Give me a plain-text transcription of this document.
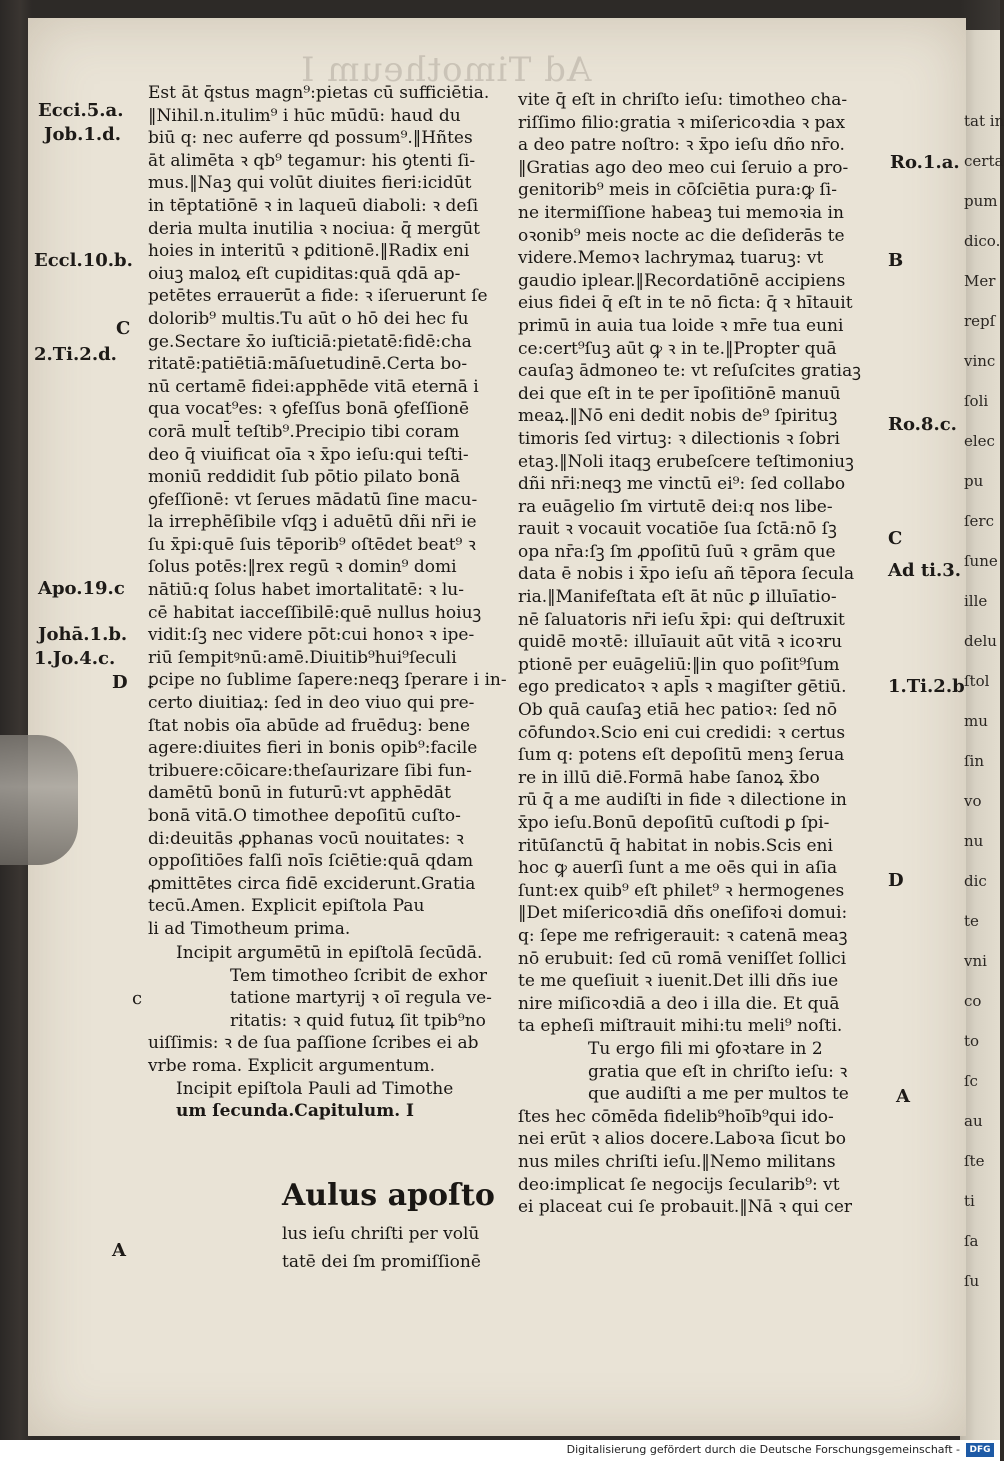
Ad Timotheum I
Est āt q̄stus magn⁹:pietas cū sufficiētia.
‖Nihil.n.itulim⁹ i hūc mūdū: haud du
biū q: nec auferre qd possum⁹.‖Hñtes
āt alimēta ꝛ qb⁹ tegamur: his ꝯtenti ſi-
mus.‖Naꝫ qui volūt diuites fieri:icidūt
in tēptatiōnē ꝛ in laqueū diaboli: ꝛ deſi
deria multa inutilia ꝛ nociua: q̄ mergūt
hoies in interitū ꝛ ꝑditionē.‖Radix eni
oiuꝫ maloꝝ eſt cupiditas:quā qdā ap-
petētes errauerūt a fide: ꝛ iſeruerunt ſe
dolorib⁹ multis.Tu aūt o hō dei hec fu
ge.Sectare x̄o iuſticiā:pietatē:fidē:cha
ritatē:patiētiā:māſuetudinē.Certa bo-
nū certamē fidei:apphēde vitā eternā i
qua vocat⁹es: ꝛ ꝯfeſſus bonā ꝯfeſſionē
corā mult̄ teſtib⁹.Precipio tibi coram
deo q̄ viuificat oīa ꝛ x̄po ieſu:qui teſti-
moniū reddidit ſub pōtio pilato bonā
ꝯfeſſionē: vt ſerues mādatū ſine macu-
la irrephēſibile vſqꝫ i aduētū dñi nr̄i ie
ſu x̄pi:quē ſuis tēporib⁹ oſtēdet beat⁹ ꝛ
ſolus potēs:‖rex regū ꝛ domin⁹ domi
nātiū:q ſolus habet imortalitatē: ꝛ lu-
cē habitat iacceſſibilē:quē nullus hoiuꝫ
vidit:ſꝫ nec videre pōt:cui honoꝛ ꝛ ipe-
riū ſempitꝰnū:amē.Diuitib⁹hui⁹ſeculi
ꝑcipe no ſublime ſapere:neqꝫ ſperare i in-
certo diuitiaꝝ: ſed in deo viuo qui pre-
ſtat nobis oīa abūde ad fruēduꝫ: bene
agere:diuites fieri in bonis opib⁹:facile
tribuere:cōicare:theſaurizare ſibi fun-
damētū bonū in futurū:vt apphēdāt
bonā vitā.O timothee depoſitū cuſto-
di:deuitās ꝓphanas vocū nouitates: ꝛ
oppoſitiōes falſi noīs ſciētie:quā qdam
ꝓmittētes circa fidē exciderunt.Gratia
tecū.Amen. Explicit epiſtola Pau
li ad Timotheum prima.
Incipit argumētū in epiſtolā ſecūdā.
Tem timotheo ſcribit de exhor
tatione martyrij ꝛ oī regula ve-
ritatis: ꝛ quid futuꝝ ſit tpib⁹no
uiſſimis: ꝛ de ſua paſſione ſcribes ei ab
vrbe roma. Explicit argumentum.
Incipit epiſtola Pauli ad Timothe
um ſecunda.Capitulum. I
Aulus apoſto
lus ieſu chriſti per volū
tatē dei ſm promiſſionē
vite q̄ eſt in chriſto ieſu: timotheo cha-
riſſimo filio:gratia ꝛ miſericoꝛdia ꝛ pax
a deo patre noſtro: ꝛ x̄po ieſu dño nr̄o.
‖Gratias ago deo meo cui ſeruio a pro-
genitorib⁹ meis in cōſciētia pura:ꝙ ſi-
ne itermiſſione habeaꝫ tui memoꝛia in
oꝛonib⁹ meis nocte ac die deſiderās te
videre.Memoꝛ lachrymaꝝ tuaruꝫ: vt
gaudio iplear.‖Recordatiōnē accipiens
eius fidei q̄ eſt in te nō ficta: q̄ ꝛ hītauit
primū in auia tua loide ꝛ mr̄e tua euni
ce:cert⁹ſuꝫ aūt ꝙ ꝛ in te.‖Propter quā
cauſaꝫ ādmoneo te: vt reſuſcites gratiaꝫ
dei que eſt in te per īpoſitiōnē manuū
meaꝝ.‖Nō eni dedit nobis de⁹ ſpirituꝫ
timoris ſed virtuꝫ: ꝛ dilectionis ꝛ ſobri
etaꝫ.‖Noli itaqꝫ erubeſcere teſtimoniuꝫ
dñi nr̄i:neqꝫ me vinctū ei⁹: ſed collabo
ra euāgelio ſm virtutē dei:q nos libe-
rauit ꝛ vocauit vocatiōe ſua ſctā:nō ſꝫ
opa nr̄a:ſꝫ ſm ꝓpoſitū ſuū ꝛ grām que
data ē nobis i x̄po ieſu añ tēpora ſecula
ria.‖Manifeſtata eſt āt nūc ꝑ illuīatio-
nē ſaluatoris nr̄i ieſu x̄pi: qui deſtruxit
quidē moꝛtē: illuīauit aūt vitā ꝛ icoꝛru
ptionē per euāgeliū:‖in quo poſit⁹ſum
ego predicatoꝛ ꝛ apl̄s ꝛ magiſter gētiū.
Ob quā cauſaꝫ etiā hec patioꝛ: ſed nō
cōfundoꝛ.Scio eni cui credidi: ꝛ certus
ſum q: potens eſt depoſitū menꝫ ſerua
re in illū diē.Formā habe ſanoꝝ x̄bo
rū q̄ a me audiſti in fide ꝛ dilectione in
x̄po ieſu.Bonū depoſitū cuſtodi ꝑ ſpi-
ritūſanctū q̄ habitat in nobis.Scis eni
hoc ꝙ auerſi ſunt a me oēs qui in aſia
ſunt:ex quib⁹ eſt philet⁹ ꝛ hermogenes
‖Det miſericoꝛdiā dñs oneſifoꝛi domui:
q: ſepe me refrigerauit: ꝛ catenā meaꝫ
nō erubuit: ſed cū romā veniſſet ſollici
te me queſiuit ꝛ iuenit.Det illi dñs iue
nire miſicoꝛdiā a deo i illa die. Et quā
ta epheſi miſtrauit mihi:tu meli⁹ noſti.
Tu ergo fili mi ꝯfoꝛtare in 2
gratia que eſt in chriſto ieſu: ꝛ
que audiſti a me per multos te
ſtes hec cōmēda fidelib⁹hoīb⁹qui ido-
nei erūt ꝛ alios docere.Laboꝛa ſicut bo
nus miles chriſti ieſu.‖Nemo militans
deo:implicat ſe negocijs ſecularib⁹: vt
ei placeat cui ſe probauit.‖Nā ꝛ qui cer
Ecci.5.a.
Job.1.d.
Eccl.10.b.
C
2.Ti.2.d.
Apo.19.c
Johā.1.b.
1.Jo.4.c.
D
c
A
Ro.1.a.
B
Ro.8.c.
C
Ad ti.3.
1.Ti.2.b
D
A
tat in
certa
pum
dico.
Mer
repſ
vinc
ſoli
elec
pu
ſerc
ſune
ille
delu
ſtol
mu
ſin
vo
nu
dic
te
vni
co
to
ſc
au
ſte
ti
ſa
ſu
Digitalisierung gefördert durch die Deutsche Forschungsgemeinschaft -	DFG
